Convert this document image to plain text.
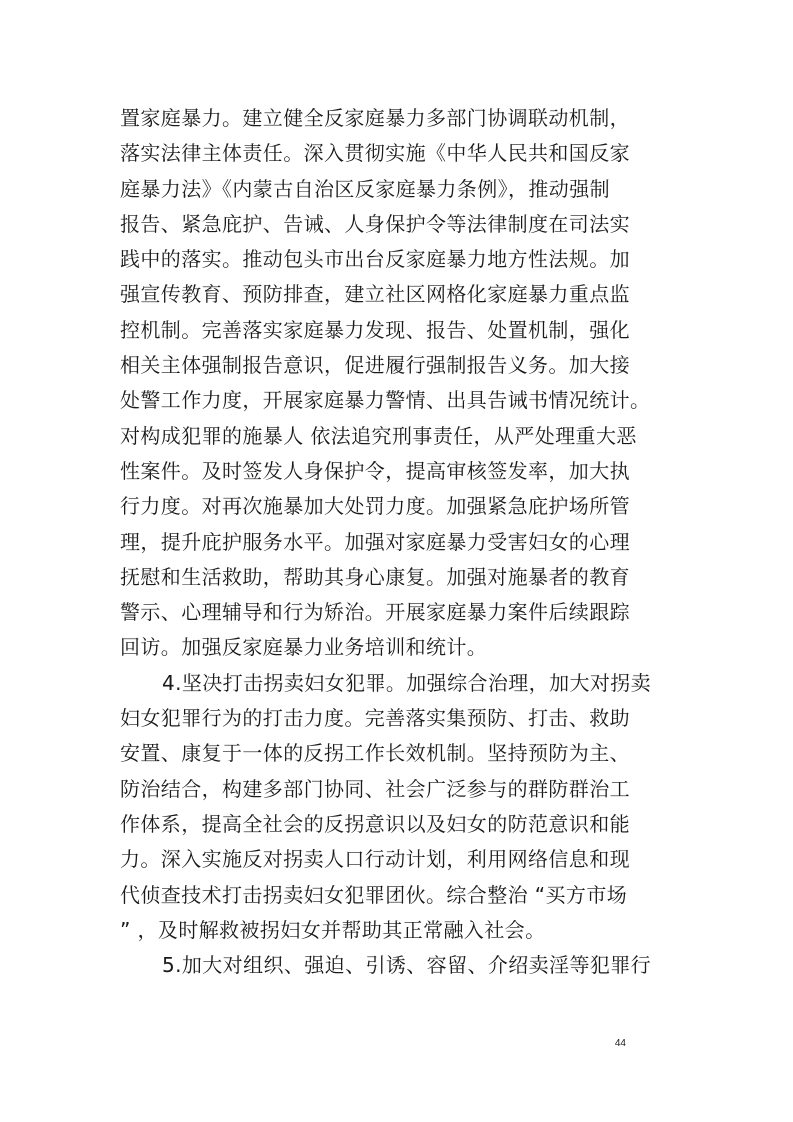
置家庭暴力。建立健全反家庭暴力多部门协调联动机制，
落实法律主体责任。深入贯彻实施《中华人民共和国反家
庭暴力法》《内蒙古自治区反家庭暴力条例》，推动强制
报告、紧急庇护、告诫、人身保护令等法律制度在司法实
践中的落实。推动包头市出台反家庭暴力地方性法规。加
强宣传教育、预防排查，建立社区网格化家庭暴力重点监
控机制。完善落实家庭暴力发现、报告、处置机制，强化
相关主体强制报告意识，促进履行强制报告义务。加大接
处警工作力度，开展家庭暴力警情、出具告诫书情况统计。
对构成犯罪的施暴人 依法追究刑事责任，从严处理重大恶
性案件。及时签发人身保护令，提高审核签发率，加大执
行力度。对再次施暴加大处罚力度。加强紧急庇护场所管
理，提升庇护服务水平。加强对家庭暴力受害妇女的心理
抚慰和生活救助，帮助其身心康复。加强对施暴者的教育
警示、心理辅导和行为矫治。开展家庭暴力案件后续跟踪
回访。加强反家庭暴力业务培训和统计。
4.坚决打击拐卖妇女犯罪。加强综合治理，加大对拐卖
妇女犯罪行为的打击力度。完善落实集预防、打击、救助
安置、康复于一体的反拐工作长效机制。坚持预防为主、
防治结合，构建多部门协同、社会广泛参与的群防群治工
作体系，提高全社会的反拐意识以及妇女的防范意识和能
力。深入实施反对拐卖人口行动计划，利用网络信息和现
代侦查技术打击拐卖妇女犯罪团伙。综合整治 “买方市场
” ，及时解救被拐妇女并帮助其正常融入社会。
5.加大对组织、强迫、引诱、容留、介绍卖淫等犯罪行
44
